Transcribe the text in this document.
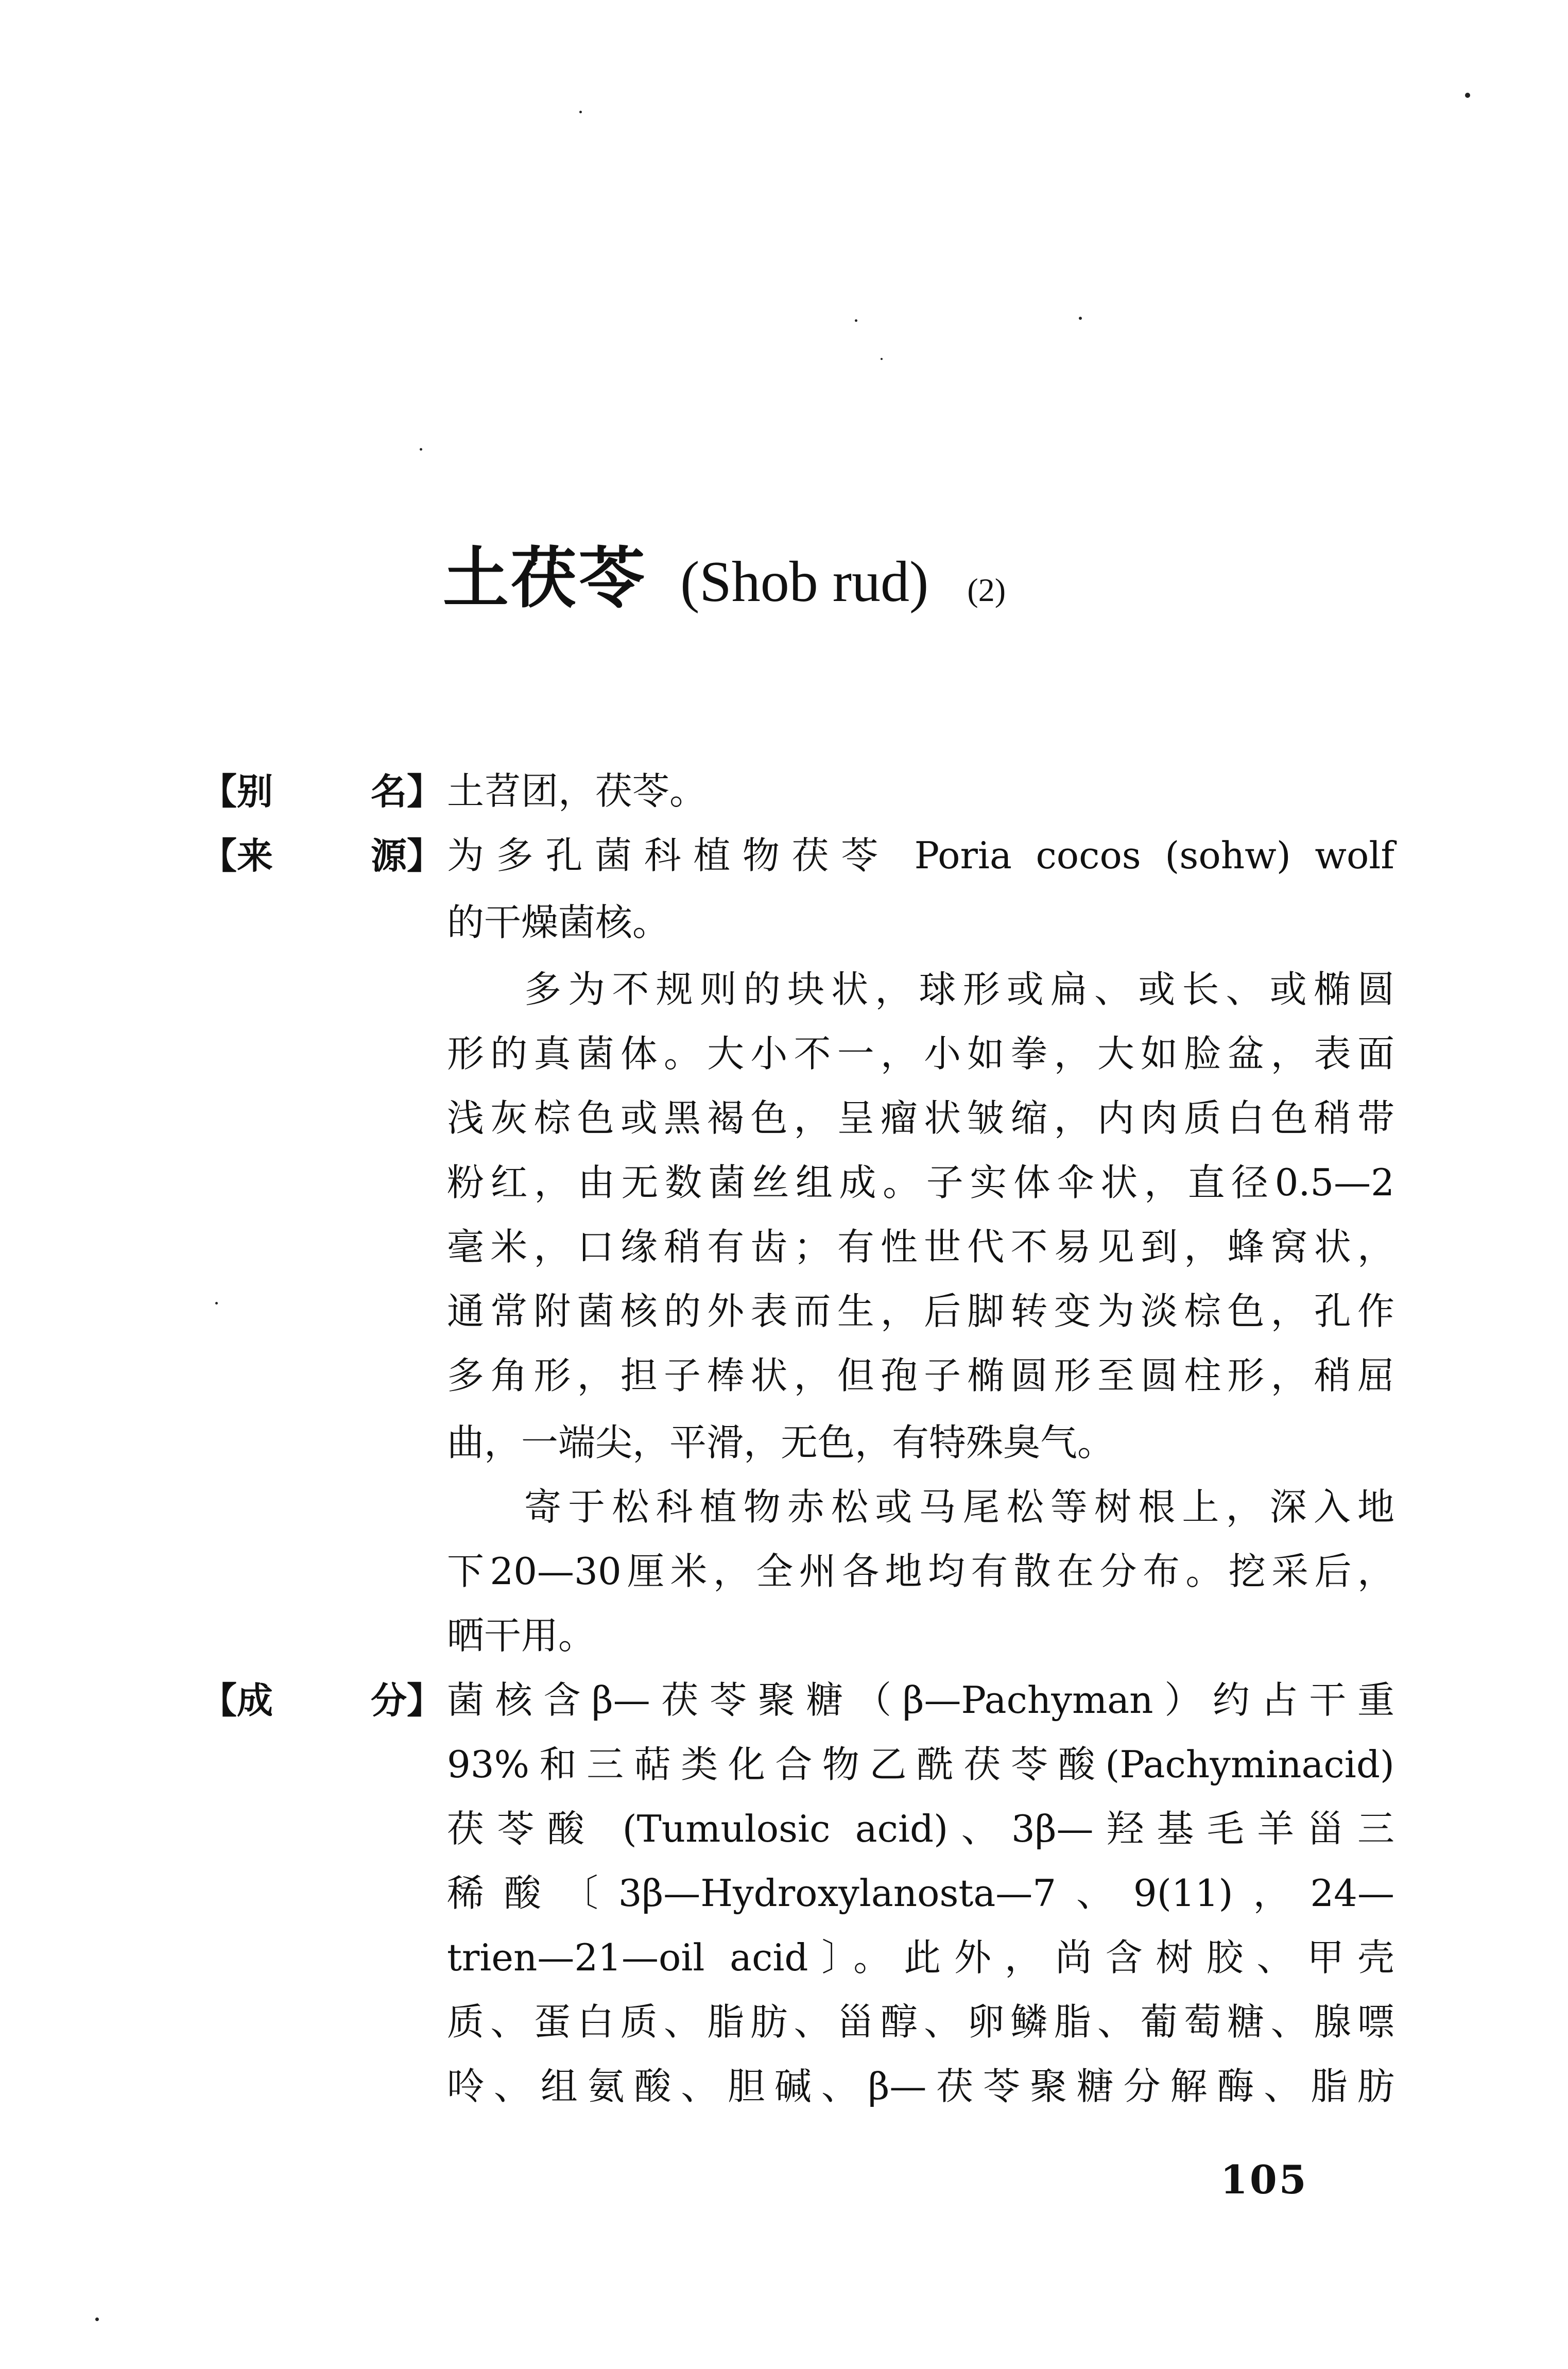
土茯苓 (Shob rud) (2)
【别	名】 土苕团，茯苓。
【来	源】 为多孔菌科植物茯苓 Poria cocos (sohw) wolf
的干燥菌核。
多为不规则的块状，球形或扁、或长、或椭圆
形的真菌体。大小不一，小如拳，大如脸盆，表面
浅灰棕色或黑褐色，呈瘤状皱缩，内肉质白色稍带
粉红，由无数菌丝组成。子实体伞状，直径0.5—2
毫米，口缘稍有齿；有性世代不易见到，蜂窝状，
通常附菌核的外表而生，后脚转变为淡棕色，孔作
多角形，担子棒状，但孢子椭圆形至圆柱形，稍屈
曲，一端尖，平滑，无色，有特殊臭气。
寄于松科植物赤松或马尾松等树根上，深入地
下20—30厘米，全州各地均有散在分布。挖采后，
晒干用。
【成	分】 菌核含β—茯苓聚糖（β—Pachyman）约占干重
93%和三萜类化合物乙酰茯苓酸(Pachyminacid)
茯苓酸 (Tumulosic acid)、3β—羟基毛羊甾三
稀酸〔3β—Hydroxylanosta—7、9(11)，24—
trien—21—oil acid〕。此外，尚含树胶、甲壳
质、蛋白质、脂肪、甾醇、卵鳞脂、葡萄糖、腺嘌
呤、组氨酸、胆碱、β—茯苓聚糖分解酶、脂肪
105
